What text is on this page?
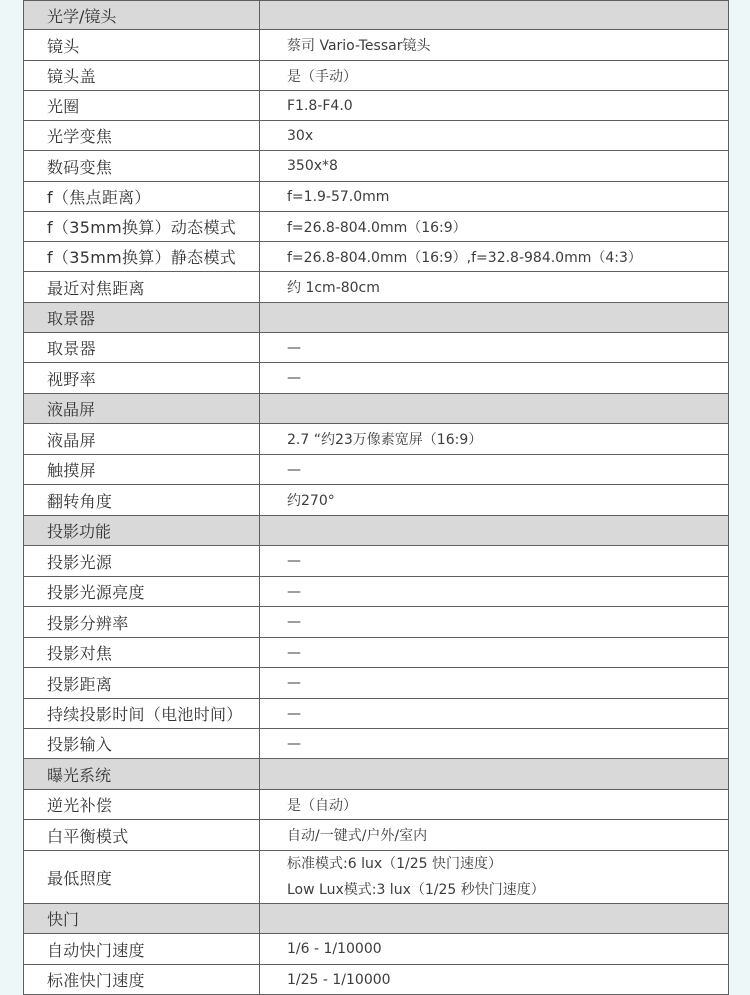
光学/镜头	
镜头	蔡司 Vario-Tessar镜头
镜头盖	是（手动）
光圈	F1.8-F4.0
光学变焦	30x
数码变焦	350x*8
f（焦点距离）	f=1.9-57.0mm
f（35mm换算）动态模式	f=26.8-804.0mm（16:9）
f（35mm换算）静态模式	f=26.8-804.0mm（16:9）,f=32.8-984.0mm（4:3）
最近对焦距离	约 1cm-80cm
取景器	
取景器	—
视野率	—
液晶屏	
液晶屏	2.7 “约23万像素宽屏（16:9）
触摸屏	—
翻转角度	约270°
投影功能	
投影光源	—
投影光源亮度	—
投影分辨率	—
投影对焦	—
投影距离	—
持续投影时间（电池时间）	—
投影输入	—
曝光系统	
逆光补偿	是（自动）
白平衡模式	自动/一键式/户外/室内
最低照度	标准模式:6 lux（1/25 快门速度）
Low Lux模式:3 lux（1/25 秒快门速度）

快门	
自动快门速度	1/6 - 1/10000
标准快门速度	1/25 - 1/10000
